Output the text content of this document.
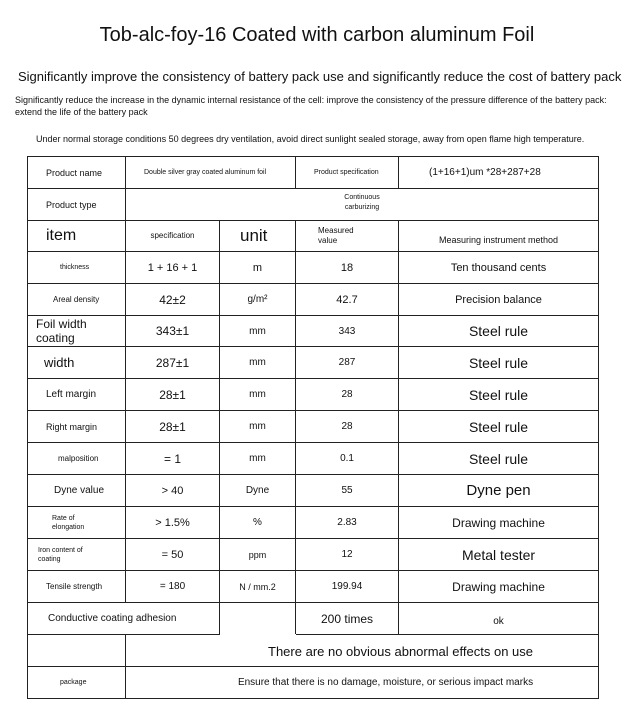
Tob-alc-foy-16 Coated with carbon aluminum Foil
Significantly improve the consistency of battery pack use and significantly reduce the cost of battery pack
Significantly reduce the increase in the dynamic internal resistance of the cell: improve the consistency of the pressure difference of the battery pack: extend the life of the battery pack
Under normal storage conditions 50 degrees dry ventilation, avoid direct sunlight sealed storage, away from open flame high temperature.
Product name	Double silver gray coated aluminum foil		Product specification	(1+16+1)um *28+287+28
Product type	Continuous carburizing			

item	specification	unit	Measured value	Measuring instrument method
thickness	1 + 16 + 1	m	18	Ten thousand cents
Areal density	42±2	g/m²	42.7	Precision balance
Foil width coating	343±1	mm	343	Steel rule
width	287±1	mm	287	Steel rule
Left margin	28±1	mm	28	Steel rule
Right margin	28±1	mm	28	Steel rule
malposition	= 1	mm	0.1	Steel rule
Dyne value	> 40	Dyne	55	Dyne pen

Rate of elongation	> 1.5%	%	2.83	Drawing machine

Iron content of coating	= 50	ppm	12	Metal tester
Tensile strength	= 180	N / mm.2	199.94	Drawing machine
Conductive coating adhesion			200 times	ok
	There are no obvious abnormal effects on use			
package	Ensure that there is no damage, moisture, or serious impact marks			
